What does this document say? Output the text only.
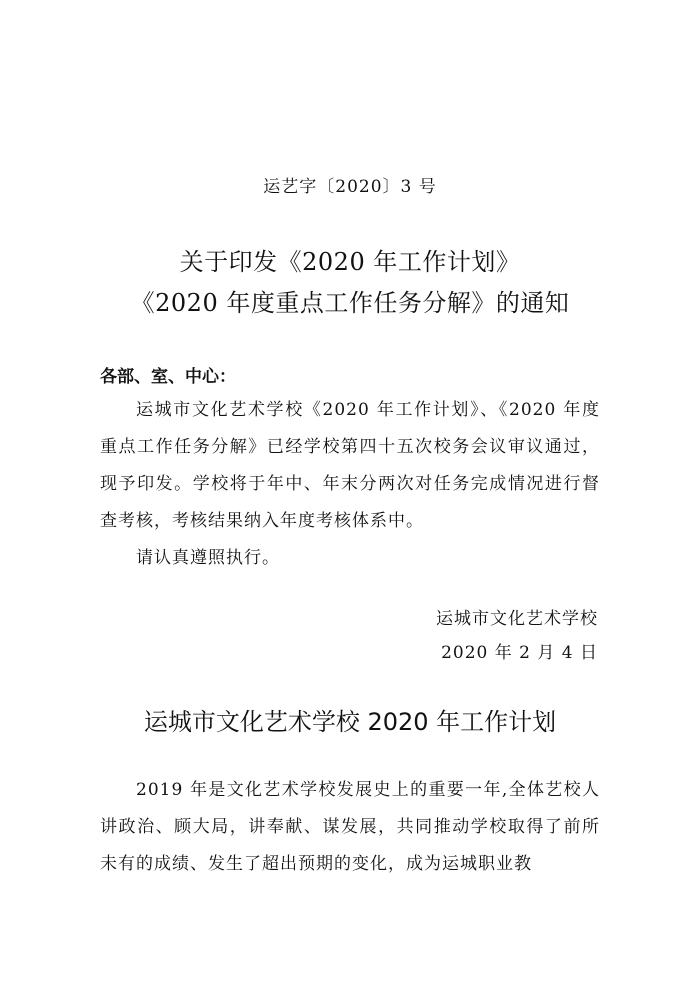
运艺字〔2020〕3 号
关于印发《2020 年工作计划》
《2020 年度重点工作任务分解》的通知
各部、室、中心：

运城市文化艺术学校《2020 年工作计划》、《2020 年度重点工作任务分解》已经学校第四十五次校务会议审议通过，现予印发。学校将于年中、年末分两次对任务完成情况进行督查考核，考核结果纳入年度考核体系中。

请认真遵照执行。

运城市文化艺术学校
2020 年 2 月 4 日
运城市文化艺术学校 2020 年工作计划

2019 年是文化艺术学校发展史上的重要一年,全体艺校人讲政治、顾大局，讲奉献、谋发展，共同推动学校取得了前所未有的成绩、发生了超出预期的变化，成为运城职业教
